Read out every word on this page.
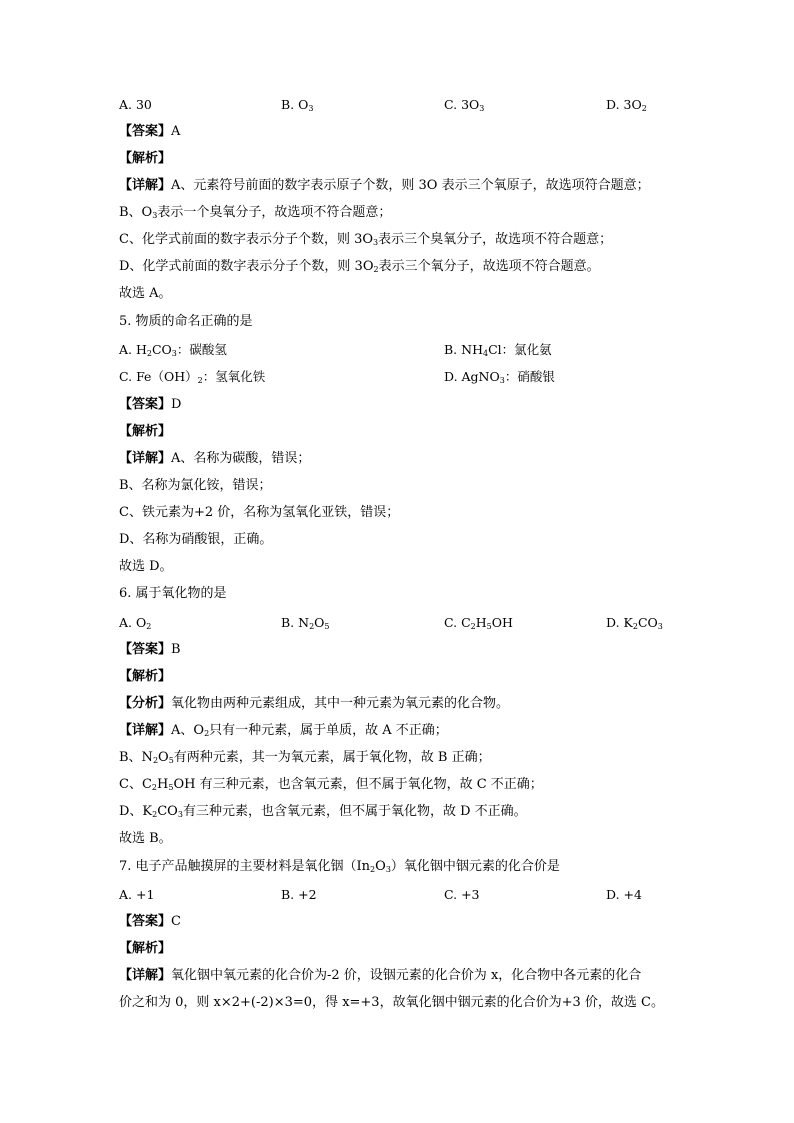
A. 30	B. $O_3$	C. $3O_3$	D. $3O_2$
【答案】A
【解析】
【详解】A、元素符号前面的数字表示原子个数，则 3O 表示三个氧原子，故选项符合题意；
B、$O_3$表示一个臭氧分子，故选项不符合题意；
C、化学式前面的数字表示分子个数，则 $3O_3$表示三个臭氧分子，故选项不符合题意；
D、化学式前面的数字表示分子个数，则 $3O_2$表示三个氧分子，故选项不符合题意。
故选 A。
5. 物质的命名正确的是
A. $H_2CO_3$：碳酸氢	B. $NH_4Cl$：氯化氨
C. $Fe(OH)_2$：氢氧化铁	D. AgNO$_3$：硝酸银
【答案】D
【解析】
【详解】A、名称为碳酸，错误；
B、名称为氯化铵，错误；
C、铁元素为+2 价，名称为氢氧化亚铁，错误；
D、名称为硝酸银，正确。
故选 D。
6. 属于氧化物的是
A. $O_2$	B. $N_2O_5$	C. $C_2H_5OH$	D. $K_2CO_3$
【答案】B
【解析】
【分析】氧化物由两种元素组成，其中一种元素为氧元素的化合物。
【详解】A、$O_2$只有一种元素，属于单质，故 A 不正确；
B、$N_2O_5$有两种元素，其一为氧元素，属于氧化物，故 B 正确；
C、$C_2H_5OH$ 有三种元素，也含氧元素，但不属于氧化物，故 C 不正确；
D、$K_2CO_3$有三种元素，也含氧元素，但不属于氧化物，故 D 不正确。
故选 B。
7. 电子产品触摸屏的主要材料是氧化铟$(In_2O_3)$氧化铟中铟元素的化合价是
A. +1	B. +2	C. +3	D. +4
【答案】C
【解析】
【详解】氧化铟中氧元素的化合价为-2 价，设铟元素的化合价为 x，化合物中各元素的化合
价之和为 0，则 x×2+(-2)×3=0，得 x=+3，故氧化铟中铟元素的化合价为+3 价，故选 C。
